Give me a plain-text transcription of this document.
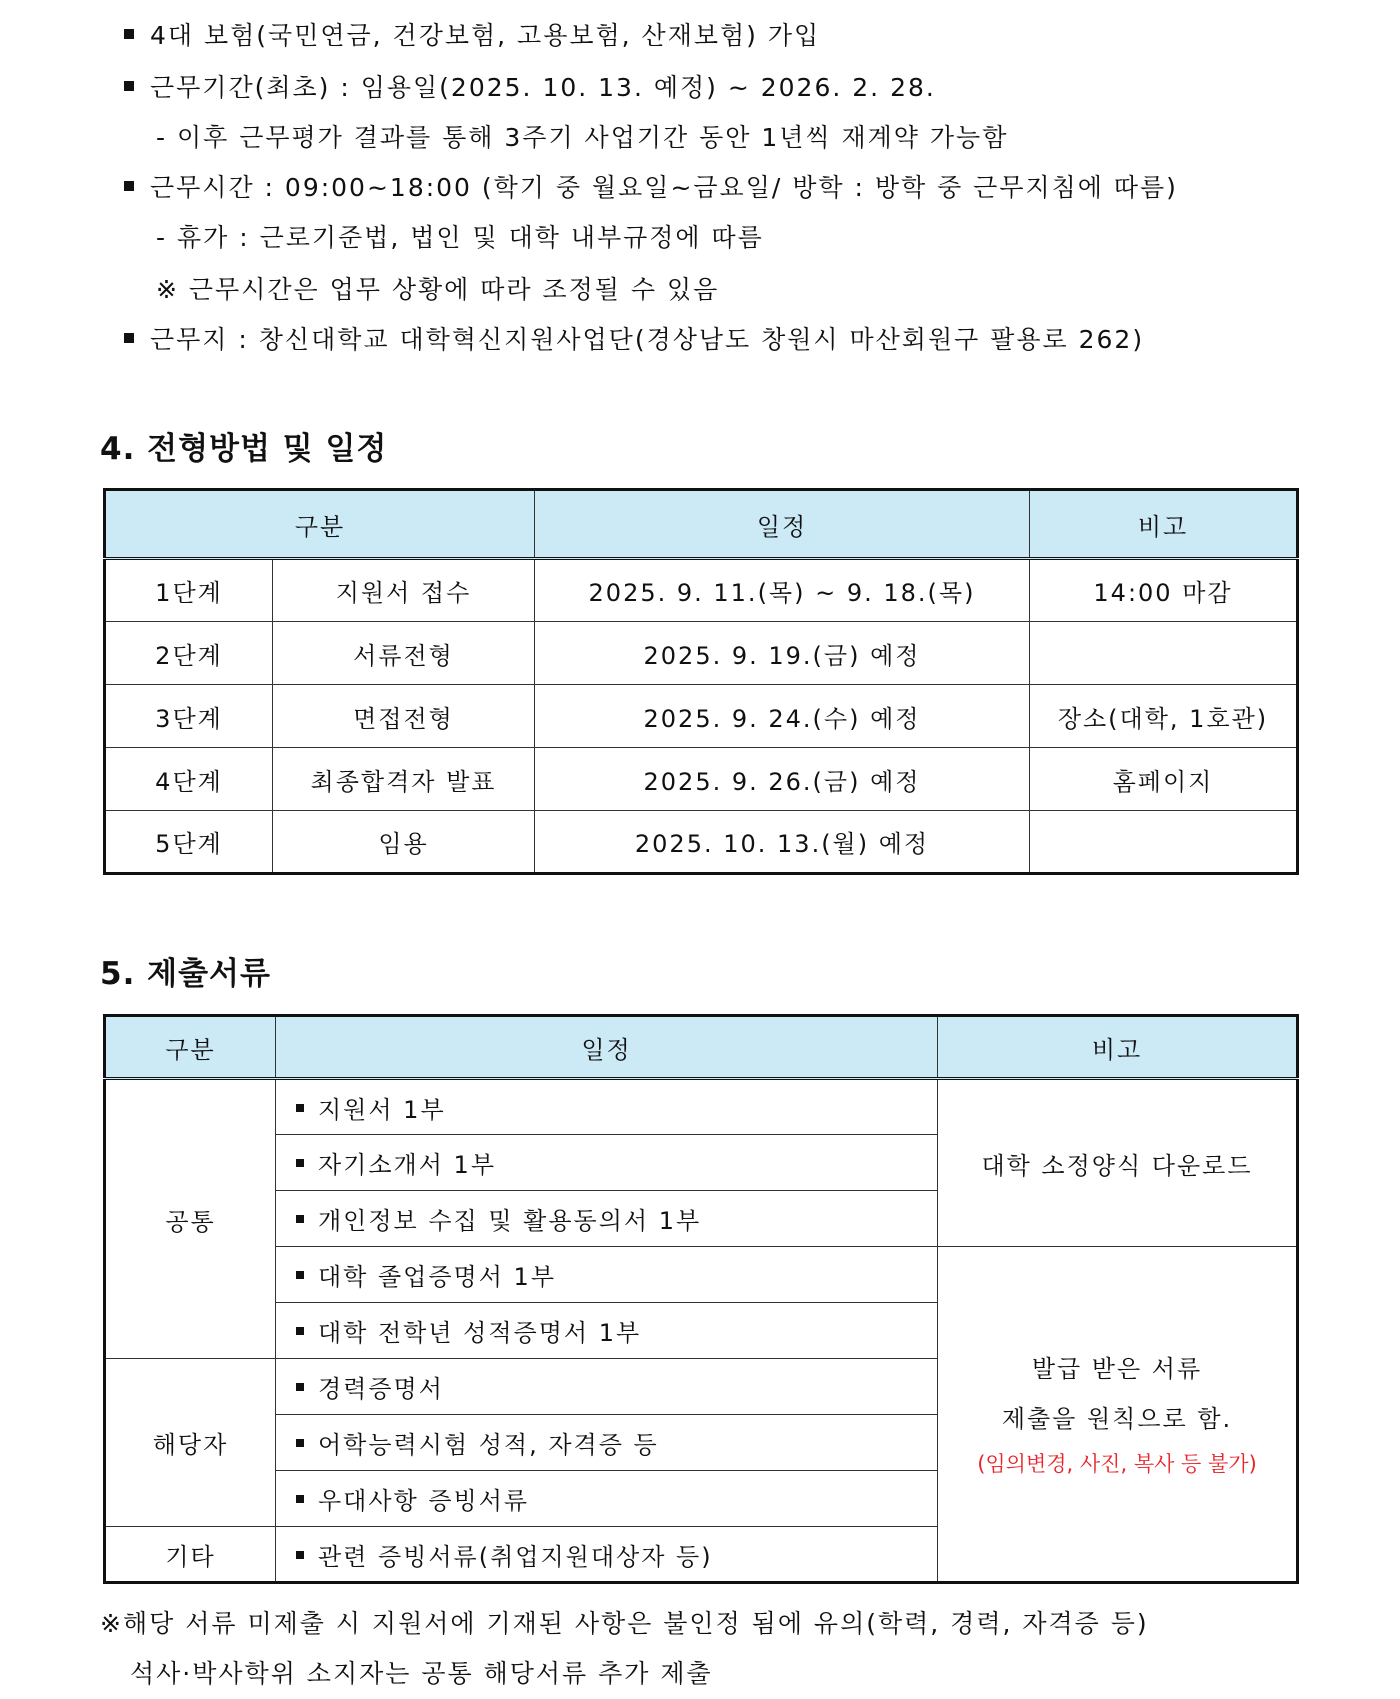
4대 보험(국민연금, 건강보험, 고용보험, 산재보험) 가입
근무기간(최초) : 임용일(2025. 10. 13. 예정) ~ 2026. 2. 28.
- 이후 근무평가 결과를 통해 3주기 사업기간 동안 1년씩 재계약 가능함
근무시간 : 09:00~18:00 (학기 중 월요일~금요일/ 방학 : 방학 중 근무지침에 따름)
- 휴가 : 근로기준법, 법인 및 대학 내부규정에 따름
※ 근무시간은 업무 상황에 따라 조정될 수 있음
근무지 : 창신대학교 대학혁신지원사업단(경상남도 창원시 마산회원구 팔용로 262)
4. 전형방법 및 일정
구분		일정	비고
1단계	지원서 접수	2025. 9. 11.(목) ~ 9. 18.(목)	14:00 마감
2단계	서류전형	2025. 9. 19.(금) 예정	
3단계	면접전형	2025. 9. 24.(수) 예정	장소(대학, 1호관)
4단계	최종합격자 발표	2025. 9. 26.(금) 예정	홈페이지
5단계	임용	2025. 10. 13.(월) 예정	
5. 제출서류
구분	일정	비고
공통	지원서 1부	대학 소정양식 다운로드
	자기소개서 1부	
	개인정보 수집 및 활용동의서 1부	
	대학 졸업증명서 1부	발급 받은 서류
제출을 원칙으로 함.
(임의변경, 사진, 복사 등 불가)

	대학 전학년 성적증명서 1부	
해당자	경력증명서	
	어학능력시험 성적, 자격증 등	
	우대사항 증빙서류	
기타	관련 증빙서류(취업지원대상자 등)	
※해당 서류 미제출 시 지원서에 기재된 사항은 불인정 됨에 유의(학력, 경력, 자격증 등)
석사·박사학위 소지자는 공통 해당서류 추가 제출
